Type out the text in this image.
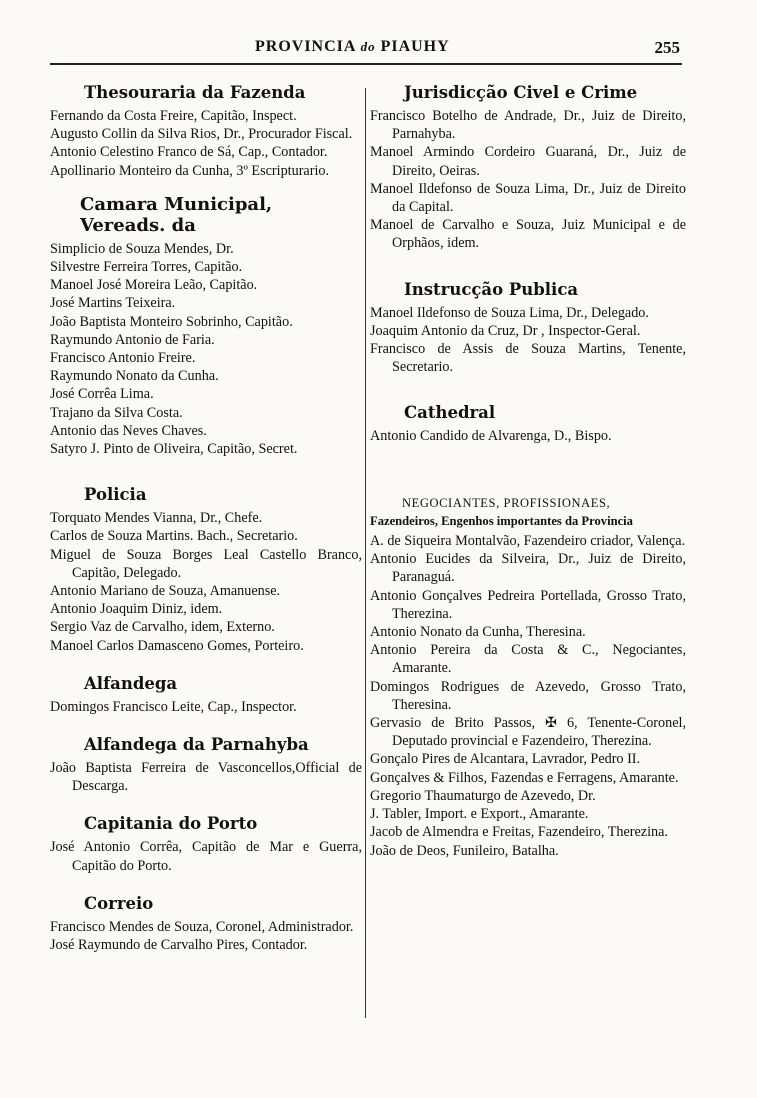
PROVINCIA do PIAUHY	255
Thesouraria da Fazenda

Fernando da Costa Freire, Capitão, Inspect.

Augusto Collin da Silva Rios, Dr., Procurador Fiscal.

Antonio Celestino Franco de Sá, Cap., Contador.

Apollinario Monteiro da Cunha, 3º Escripturario.

Camara Municipal, Vereads. da

Simplicio de Souza Mendes, Dr.

Silvestre Ferreira Torres, Capitão.

Manoel José Moreira Leão, Capitão.

José Martins Teixeira.

João Baptista Monteiro Sobrinho, Capitão.

Raymundo Antonio de Faria.

Francisco Antonio Freire.

Raymundo Nonato da Cunha.

José Corrêa Lima.

Trajano da Silva Costa.

Antonio das Neves Chaves.

Satyro J. Pinto de Oliveira, Capitão, Secret.

Policia

Torquato Mendes Vianna, Dr., Chefe.

Carlos de Souza Martins. Bach., Secretario.

Miguel de Souza Borges Leal Castello Branco, Capitão, Delegado.

Antonio Mariano de Souza, Amanuense.

Antonio Joaquim Diniz, idem.

Sergio Vaz de Carvalho, idem, Externo.

Manoel Carlos Damasceno Gomes, Porteiro.

Alfandega

Domingos Francisco Leite, Cap., Inspector.

Alfandega da Parnahyba

João Baptista Ferreira de Vasconcellos,Official de Descarga.

Capitania do Porto

José Antonio Corrêa, Capitão de Mar e Guerra, Capitão do Porto.

Correio

Francisco Mendes de Souza, Coronel, Administrador.

José Raymundo de Carvalho Pires, Contador.

Jurisdicção Civel e Crime

Francisco Botelho de Andrade, Dr., Juiz de Direito, Parnahyba.

Manoel Armindo Cordeiro Guaraná, Dr., Juiz de Direito, Oeiras.

Manoel Ildefonso de Souza Lima, Dr., Juiz de Direito da Capital.

Manoel de Carvalho e Souza, Juiz Municipal e de Orphãos, idem.

Instrucção Publica

Manoel Ildefonso de Souza Lima, Dr., Delegado.

Joaquim Antonio da Cruz, Dr , Inspector-Geral.

Francisco de Assis de Souza Martins, Tenente, Secretario.

Cathedral

Antonio Candido de Alvarenga, D., Bispo.

NEGOCIANTES, PROFISSIONAES,
Fazendeiros, Engenhos importantes da Provincia

A. de Siqueira Montalvão, Fazendeiro criador, Valença.

Antonio Eucides da Silveira, Dr., Juiz de Direito, Paranaguá.

Antonio Gonçalves Pedreira Portellada, Grosso Trato, Therezina.

Antonio Nonato da Cunha, Theresina.

Antonio Pereira da Costa & C., Negociantes, Amarante.

Domingos Rodrigues de Azevedo, Grosso Trato, Theresina.

Gervasio de Brito Passos, ✠ 6, Tenente-Coronel, Deputado provincial e Fazendeiro, Therezina.

Gonçalo Pires de Alcantara, Lavrador, Pedro II.

Gonçalves & Filhos, Fazendas e Ferragens, Amarante.

Gregorio Thaumaturgo de Azevedo, Dr.

J. Tabler, Import. e Export., Amarante.

Jacob de Almendra e Freitas, Fazendeiro, Therezina.

João de Deos, Funileiro, Batalha.
